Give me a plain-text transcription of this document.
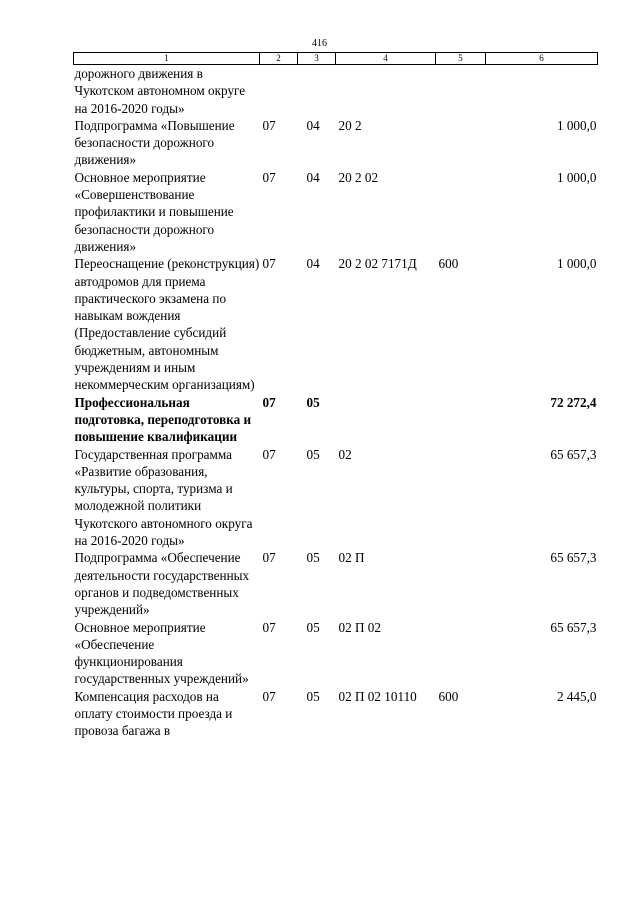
416
1	2	3	4	5	6
дорожного движения в Чукотском автономном округе на 2016-2020 годы»					
Подпрограмма «Повышение безопасности дорожного движения»	07	04	20 2		1 000,0
Основное мероприятие «Совершенствование профилактики и повышение безопасности дорожного движения»	07	04	20 2 02		1 000,0
Переоснащение (реконструкция) автодромов для приема практического экзамена по навыкам вождения (Предоставление субсидий бюджетным, автономным учреждениям и иным некоммерческим организациям)	07	04	20 2 02 7171Д	600	1 000,0
Профессиональная подготовка, переподготовка и повышение квалификации	07	05			72 272,4
Государственная программа «Развитие образования, культуры, спорта, туризма и молодежной политики Чукотского автономного округа на 2016-2020 годы»	07	05	02		65 657,3
Подпрограмма «Обеспечение деятельности государственных органов и подведомственных учреждений»	07	05	02 П		65 657,3
Основное мероприятие «Обеспечение функционирования государственных учреждений»	07	05	02 П 02		65 657,3
Компенсация расходов на оплату стоимости проезда и провоза багажа в	07	05	02 П 02 10110	600	2 445,0
